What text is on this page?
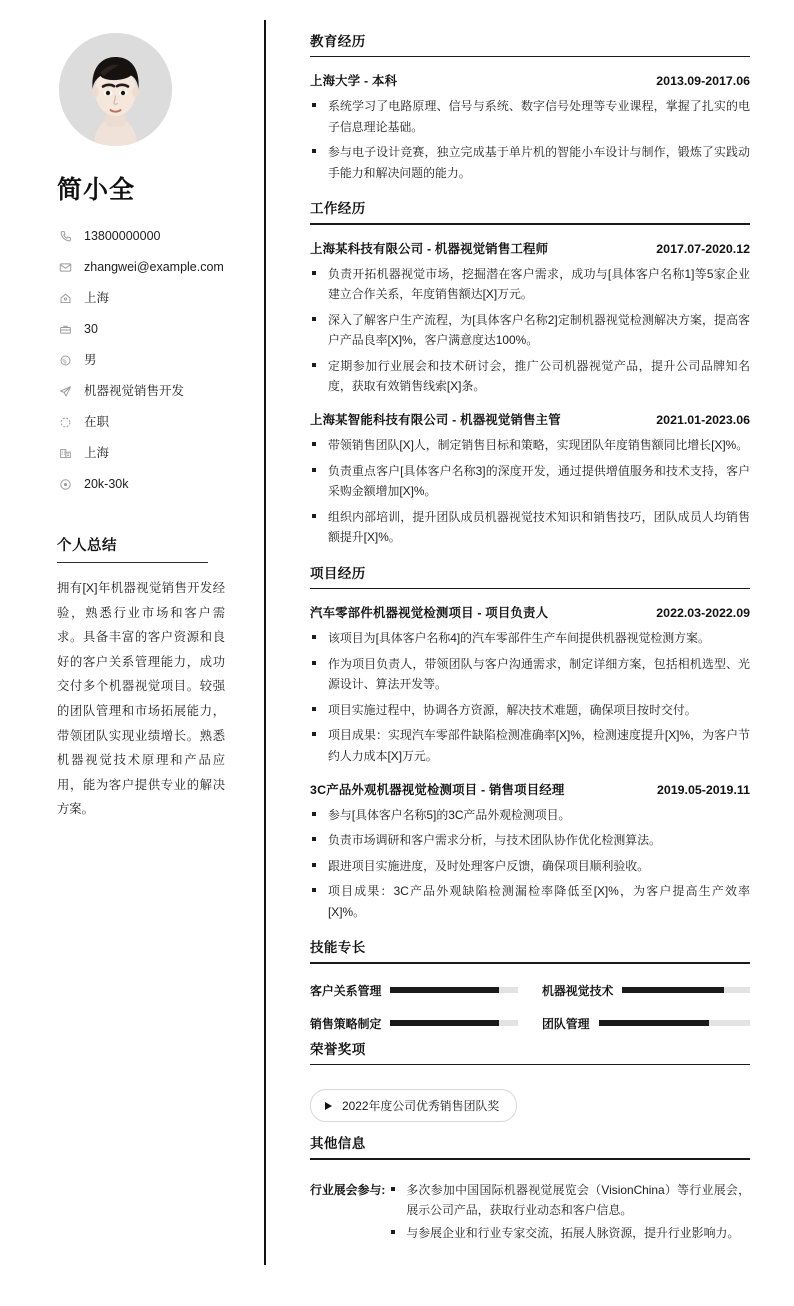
简小全
13800000000
zhangwei@example.com
上海
30
男
机器视觉销售开发
在职
上海
20k-30k
个人总结

拥有[X]年机器视觉销售开发经验，熟悉行业市场和客户需求。具备丰富的客户资源和良好的客户关系管理能力，成功交付多个机器视觉项目。较强的团队管理和市场拓展能力，带领团队实现业绩增长。熟悉机器视觉技术原理和产品应用，能为客户提供专业的解决方案。

教育经历
上海大学 - 本科	2013.09-2017.06
系统学习了电路原理、信号与系统、数字信号处理等专业课程，掌握了扎实的电子信息理论基础。
参与电子设计竞赛，独立完成基于单片机的智能小车设计与制作，锻炼了实践动手能力和解决问题的能力。
工作经历
上海某科技有限公司 - 机器视觉销售工程师	2017.07-2020.12
负责开拓机器视觉市场，挖掘潜在客户需求，成功与[具体客户名称1]等5家企业建立合作关系，年度销售额达[X]万元。
深入了解客户生产流程，为[具体客户名称2]定制机器视觉检测解决方案，提高客户产品良率[X]%，客户满意度达100%。
定期参加行业展会和技术研讨会，推广公司机器视觉产品，提升公司品牌知名度，获取有效销售线索[X]条。
上海某智能科技有限公司 - 机器视觉销售主管	2021.01-2023.06
带领销售团队[X]人，制定销售目标和策略，实现团队年度销售额同比增长[X]%。
负责重点客户[具体客户名称3]的深度开发，通过提供增值服务和技术支持，客户采购金额增加[X]%。
组织内部培训，提升团队成员机器视觉技术知识和销售技巧，团队成员人均销售额提升[X]%。
项目经历
汽车零部件机器视觉检测项目 - 项目负责人	2022.03-2022.09
该项目为[具体客户名称4]的汽车零部件生产车间提供机器视觉检测方案。
作为项目负责人，带领团队与客户沟通需求，制定详细方案，包括相机选型、光源设计、算法开发等。
项目实施过程中，协调各方资源，解决技术难题，确保项目按时交付。
项目成果：实现汽车零部件缺陷检测准确率[X]%，检测速度提升[X]%，为客户节约人力成本[X]万元。
3C产品外观机器视觉检测项目 - 销售项目经理	2019.05-2019.11
参与[具体客户名称5]的3C产品外观检测项目。
负责市场调研和客户需求分析，与技术团队协作优化检测算法。
跟进项目实施进度，及时处理客户反馈，确保项目顺利验收。
项目成果：3C产品外观缺陷检测漏检率降低至[X]%，为客户提高生产效率[X]%。
技能专长
客户关系管理	机器视觉技术
销售策略制定	团队管理
荣誉奖项
2022年度公司优秀销售团队奖
其他信息
行业展会参与:	多次参加中国国际机器视觉展览会（VisionChina）等行业展会，展示公司产品，获取行业动态和客户信息。
与参展企业和行业专家交流，拓展人脉资源，提升行业影响力。
